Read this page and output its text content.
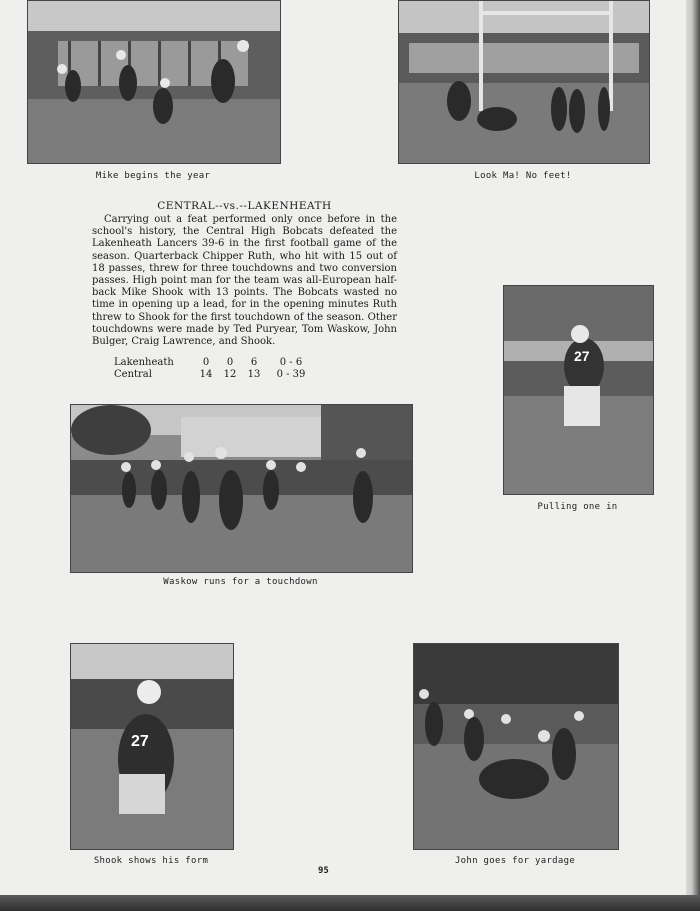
Mike begins the year	Look Ma! No feet!
CENTRAL--vs.--LAKENHEATH
Carrying out a feat performed only once before in the school's history, the Central High Bobcats defeated the Lakenheath Lancers 39-6 in the first football game of the season. Quarterback Chipper Ruth, who hit with 15 out of 18 passes, threw for three touchdowns and two conversion passes. High point man for the team was all-European half-back Mike Shook with 13 points. The Bobcats wasted no time in opening up a lead, for in the opening minutes Ruth threw to Shook for the first touchdown of the season. Other touchdowns were made by Ted Puryear, Tom Waskow, John Bulger, Craig Lawrence, and Shook.
Lakenheath	0	0	6	0 - 6
Central	14	12	13	0 - 39
27
Pulling one in
Waskow runs for a touchdown
27
Shook shows his form	John goes for yardage
95
